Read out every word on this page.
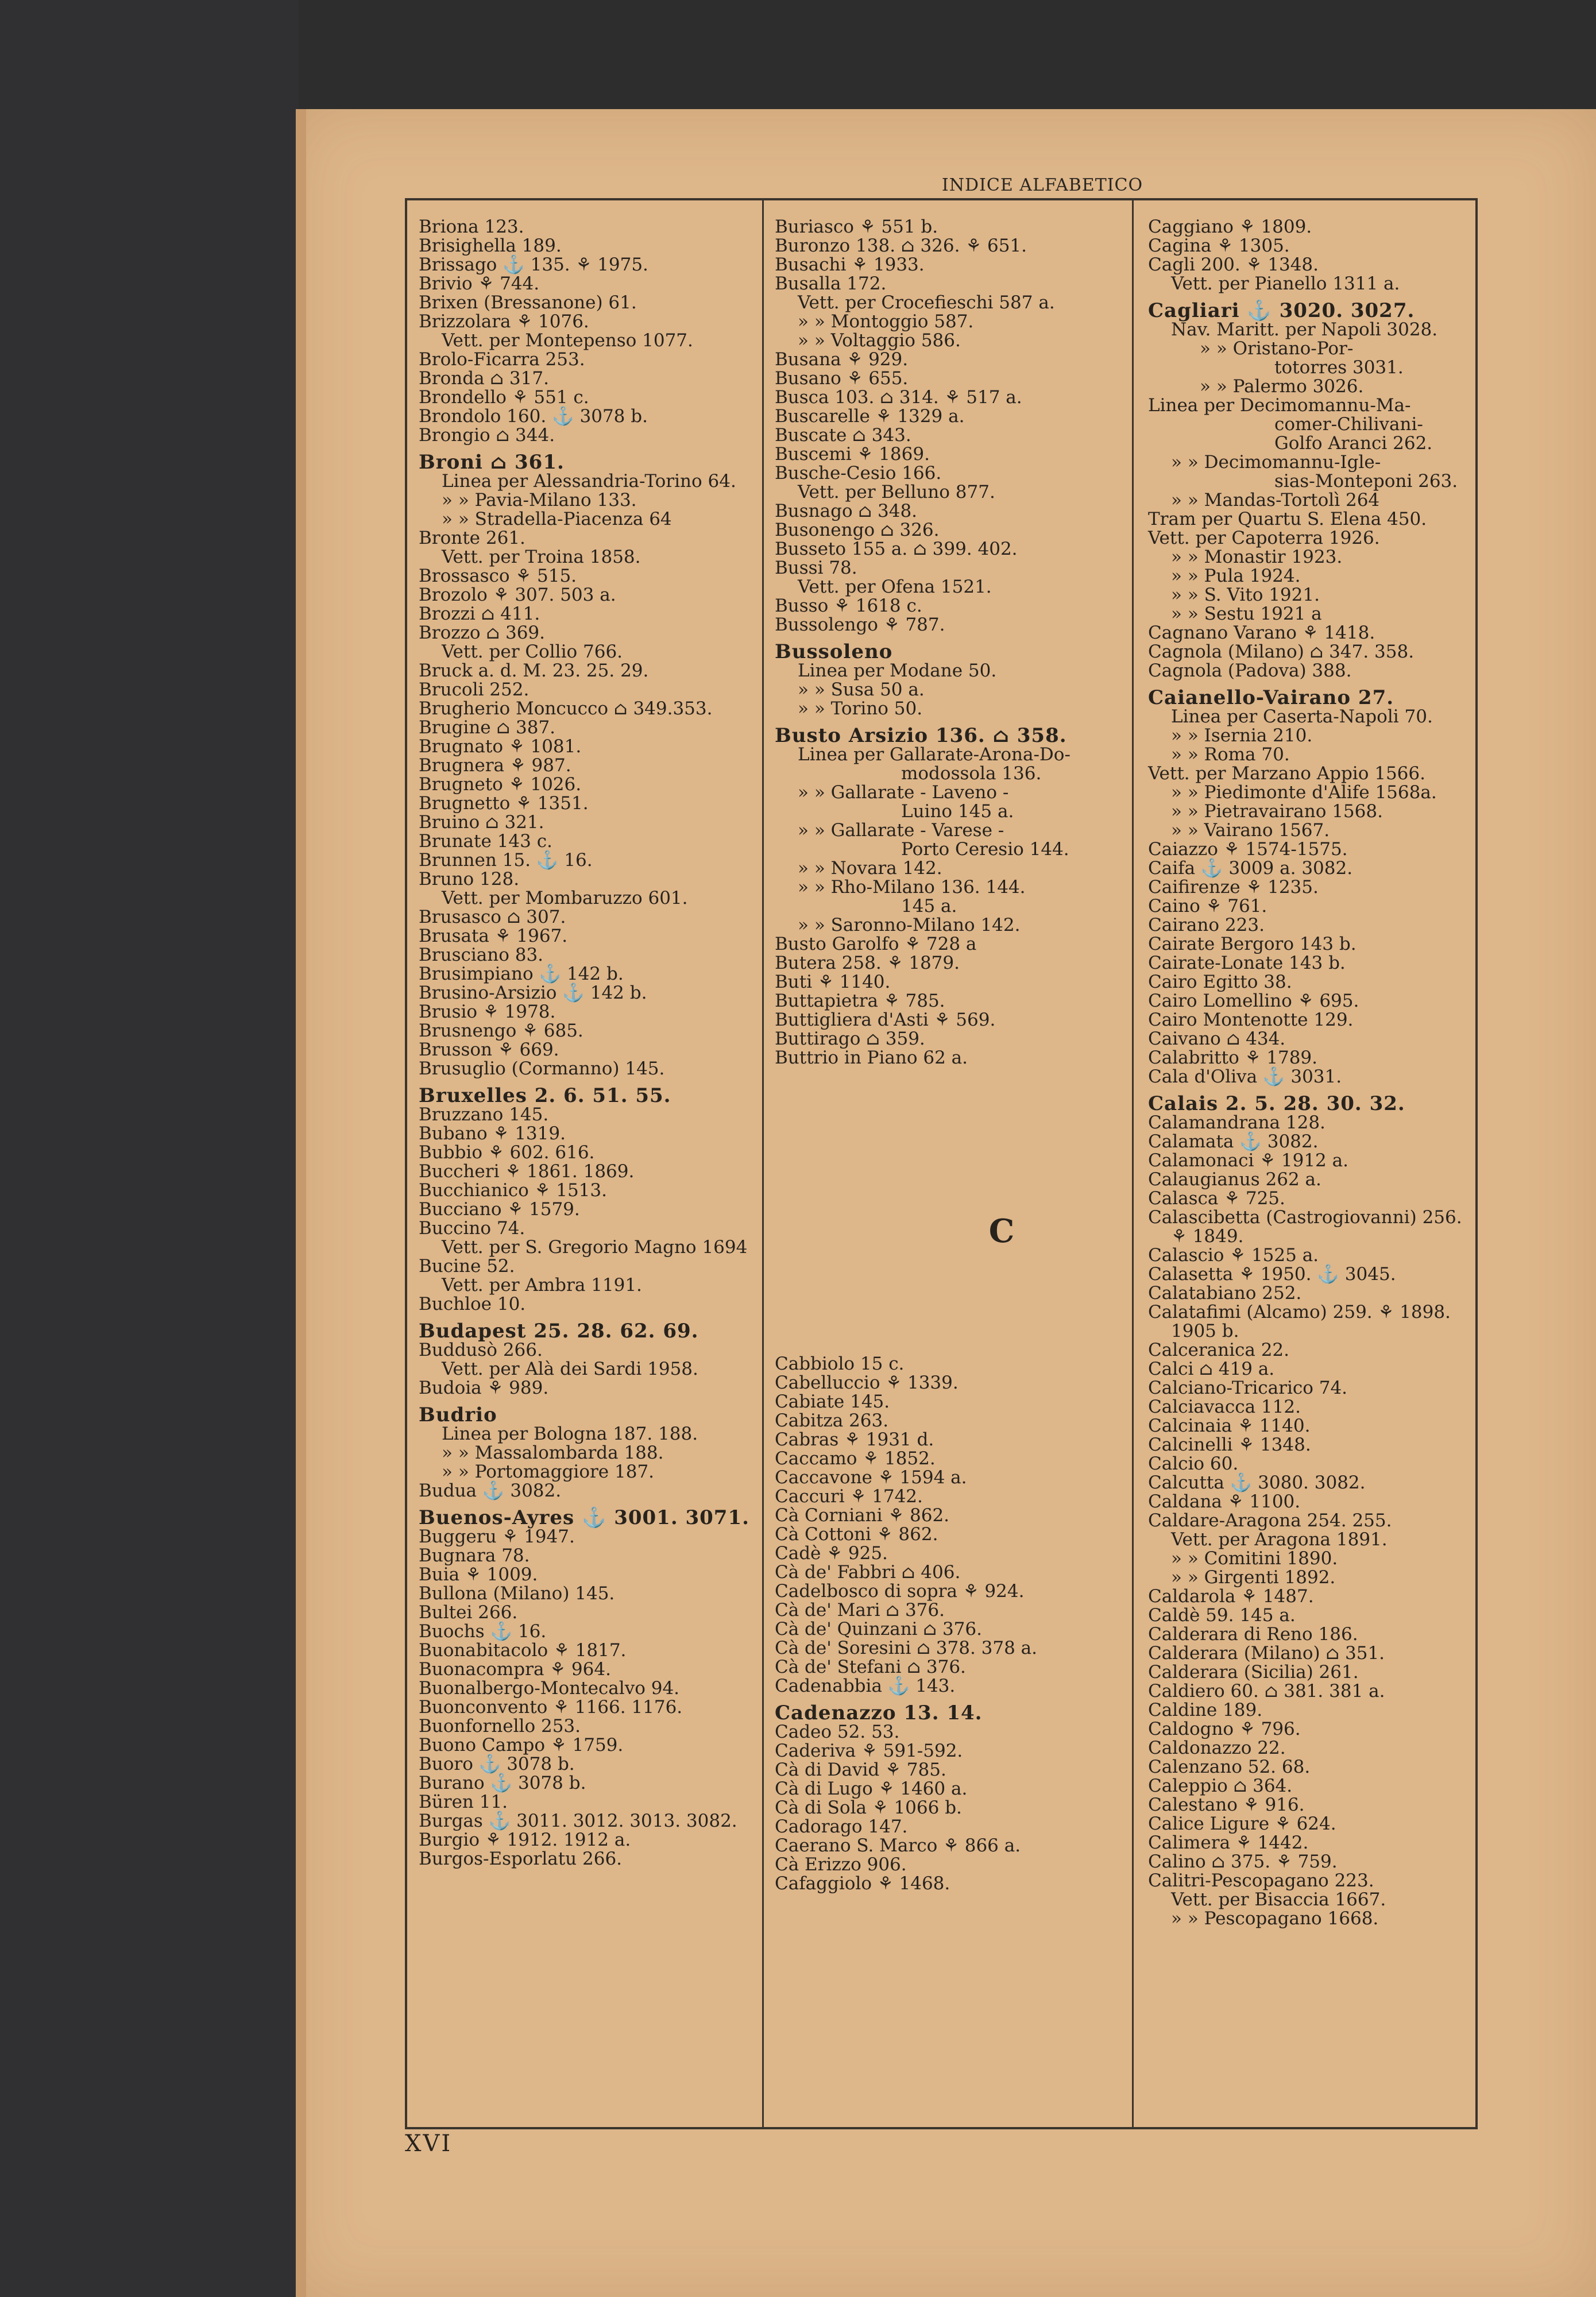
INDICE ALFABETICO
Briona 123.
Brisighella 189.
Brissago ⚓ 135. ⚘ 1975.
Brivio ⚘ 744.
Brixen (Bressanone) 61.
Brizzolara ⚘ 1076.
Vett. per Montepenso 1077.
Brolo-Ficarra 253.
Bronda ⌂ 317.
Brondello ⚘ 551 c.
Brondolo 160. ⚓ 3078 b.
Brongio ⌂ 344.
Broni ⌂ 361.
Linea per Alessandria-Torino 64.
» » Pavia-Milano 133.
» » Stradella-Piacenza 64
Bronte 261.
Vett. per Troina 1858.
Brossasco ⚘ 515.
Brozolo ⚘ 307. 503 a.
Brozzi ⌂ 411.
Brozzo ⌂ 369.
Vett. per Collio 766.
Bruck a. d. M. 23. 25. 29.
Brucoli 252.
Brugherio Moncucco ⌂ 349.353.
Brugine ⌂ 387.
Brugnato ⚘ 1081.
Brugnera ⚘ 987.
Brugneto ⚘ 1026.
Brugnetto ⚘ 1351.
Bruino ⌂ 321.
Brunate 143 c.
Brunnen 15. ⚓ 16.
Bruno 128.
Vett. per Mombaruzzo 601.
Brusasco ⌂ 307.
Brusata ⚘ 1967.
Brusciano 83.
Brusimpiano ⚓ 142 b.
Brusino-Arsizio ⚓ 142 b.
Brusio ⚘ 1978.
Brusnengo ⚘ 685.
Brusson ⚘ 669.
Brusuglio (Cormanno) 145.
Bruxelles 2. 6. 51. 55.
Bruzzano 145.
Bubano ⚘ 1319.
Bubbio ⚘ 602. 616.
Buccheri ⚘ 1861. 1869.
Bucchianico ⚘ 1513.
Bucciano ⚘ 1579.
Buccino 74.
Vett. per S. Gregorio Magno 1694
Bucine 52.
Vett. per Ambra 1191.
Buchloe 10.
Budapest 25. 28. 62. 69.
Buddusò 266.
Vett. per Alà dei Sardi 1958.
Budoia ⚘ 989.
Budrio
Linea per Bologna 187. 188.
» » Massalombarda 188.
» » Portomaggiore 187.
Budua ⚓ 3082.
Buenos-Ayres ⚓ 3001. 3071.
Buggeru ⚘ 1947.
Bugnara 78.
Buia ⚘ 1009.
Bullona (Milano) 145.
Bultei 266.
Buochs ⚓ 16.
Buonabitacolo ⚘ 1817.
Buonacompra ⚘ 964.
Buonalbergo-Montecalvo 94.
Buonconvento ⚘ 1166. 1176.
Buonfornello 253.
Buono Campo ⚘ 1759.
Buoro ⚓ 3078 b.
Burano ⚓ 3078 b.
Büren 11.
Burgas ⚓ 3011. 3012. 3013. 3082.
Burgio ⚘ 1912. 1912 a.
Burgos-Esporlatu 266.
Buriasco ⚘ 551 b.
Buronzo 138. ⌂ 326. ⚘ 651.
Busachi ⚘ 1933.
Busalla 172.
Vett. per Crocefieschi 587 a.
» » Montoggio 587.
» » Voltaggio 586.
Busana ⚘ 929.
Busano ⚘ 655.
Busca 103. ⌂ 314. ⚘ 517 a.
Buscarelle ⚘ 1329 a.
Buscate ⌂ 343.
Buscemi ⚘ 1869.
Busche-Cesio 166.
Vett. per Belluno 877.
Busnago ⌂ 348.
Busonengo ⌂ 326.
Busseto 155 a. ⌂ 399. 402.
Bussi 78.
Vett. per Ofena 1521.
Busso ⚘ 1618 c.
Bussolengo ⚘ 787.
Bussoleno
Linea per Modane 50.
» » Susa 50 a.
» » Torino 50.
Busto Arsizio 136. ⌂ 358.
Linea per Gallarate-Arona-Do-
modossola 136.
» » Gallarate - Laveno -
Luino 145 a.
» » Gallarate - Varese -
Porto Ceresio 144.
» » Novara 142.
» » Rho-Milano 136. 144.
145 a.
» » Saronno-Milano 142.
Busto Garolfo ⚘ 728 a
Butera 258. ⚘ 1879.
Buti ⚘ 1140.
Buttapietra ⚘ 785.
Buttigliera d'Asti ⚘ 569.
Buttirago ⌂ 359.
Buttrio in Piano 62 a.
C
Cabbiolo 15 c.
Cabelluccio ⚘ 1339.
Cabiate 145.
Cabitza 263.
Cabras ⚘ 1931 d.
Caccamo ⚘ 1852.
Caccavone ⚘ 1594 a.
Caccuri ⚘ 1742.
Cà Corniani ⚘ 862.
Cà Cottoni ⚘ 862.
Cadè ⚘ 925.
Cà de' Fabbri ⌂ 406.
Cadelbosco di sopra ⚘ 924.
Cà de' Mari ⌂ 376.
Cà de' Quinzani ⌂ 376.
Cà de' Soresini ⌂ 378. 378 a.
Cà de' Stefani ⌂ 376.
Cadenabbia ⚓ 143.
Cadenazzo 13. 14.
Cadeo 52. 53.
Caderiva ⚘ 591-592.
Cà di David ⚘ 785.
Cà di Lugo ⚘ 1460 a.
Cà di Sola ⚘ 1066 b.
Cadorago 147.
Caerano S. Marco ⚘ 866 a.
Cà Erizzo 906.
Cafaggiolo ⚘ 1468.
Caggiano ⚘ 1809.
Cagina ⚘ 1305.
Cagli 200. ⚘ 1348.
Vett. per Pianello 1311 a.
Cagliari ⚓ 3020. 3027.
Nav. Maritt. per Napoli 3028.
» » Oristano-Por-
totorres 3031.
» » Palermo 3026.
Linea per Decimomannu-Ma-
comer-Chilivani-
Golfo Aranci 262.
» » Decimomannu-Igle-
sias-Monteponi 263.
» » Mandas-Tortolì 264
Tram per Quartu S. Elena 450.
Vett. per Capoterra 1926.
» » Monastir 1923.
» » Pula 1924.
» » S. Vito 1921.
» » Sestu 1921 a
Cagnano Varano ⚘ 1418.
Cagnola (Milano) ⌂ 347. 358.
Cagnola (Padova) 388.
Caianello-Vairano 27.
Linea per Caserta-Napoli 70.
» » Isernia 210.
» » Roma 70.
Vett. per Marzano Appio 1566.
» » Piedimonte d'Alife 1568a.
» » Pietravairano 1568.
» » Vairano 1567.
Caiazzo ⚘ 1574-1575.
Caifa ⚓ 3009 a. 3082.
Caifirenze ⚘ 1235.
Caino ⚘ 761.
Cairano 223.
Cairate Bergoro 143 b.
Cairate-Lonate 143 b.
Cairo Egitto 38.
Cairo Lomellino ⚘ 695.
Cairo Montenotte 129.
Caivano ⌂ 434.
Calabritto ⚘ 1789.
Cala d'Oliva ⚓ 3031.
Calais 2. 5. 28. 30. 32.
Calamandrana 128.
Calamata ⚓ 3082.
Calamonaci ⚘ 1912 a.
Calaugianus 262 a.
Calasca ⚘ 725.
Calascibetta (Castrogiovanni) 256.
⚘ 1849.
Calascio ⚘ 1525 a.
Calasetta ⚘ 1950. ⚓ 3045.
Calatabiano 252.
Calatafimi (Alcamo) 259. ⚘ 1898.
1905 b.
Calceranica 22.
Calci ⌂ 419 a.
Calciano-Tricarico 74.
Calciavacca 112.
Calcinaia ⚘ 1140.
Calcinelli ⚘ 1348.
Calcio 60.
Calcutta ⚓ 3080. 3082.
Caldana ⚘ 1100.
Caldare-Aragona 254. 255.
Vett. per Aragona 1891.
» » Comitini 1890.
» » Girgenti 1892.
Caldarola ⚘ 1487.
Caldè 59. 145 a.
Calderara di Reno 186.
Calderara (Milano) ⌂ 351.
Calderara (Sicilia) 261.
Caldiero 60. ⌂ 381. 381 a.
Caldine 189.
Caldogno ⚘ 796.
Caldonazzo 22.
Calenzano 52. 68.
Caleppio ⌂ 364.
Calestano ⚘ 916.
Calice Ligure ⚘ 624.
Calimera ⚘ 1442.
Calino ⌂ 375. ⚘ 759.
Calitri-Pescopagano 223.
Vett. per Bisaccia 1667.
» » Pescopagano 1668.
XVI
